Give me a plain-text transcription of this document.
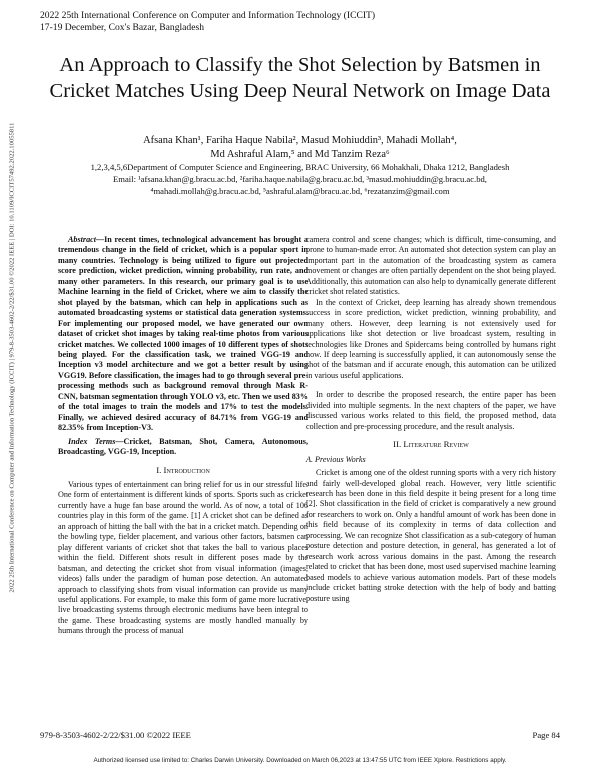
2022 25th International Conference on Computer and Information Technology (ICCIT)
17-19 December, Cox's Bazar, Bangladesh
An Approach to Classify the Shot Selection by Batsmen in Cricket Matches Using Deep Neural Network on Image Data
Afsana Khan¹, Fariha Haque Nabila², Masud Mohiuddin³, Mahadi Mollah⁴,
Md Ashraful Alam,⁵ and Md Tanzim Reza⁶
1,2,3,4,5,6Department of Computer Science and Engineering, BRAC University, 66 Mohakhali, Dhaka 1212, Bangladesh
Email: ¹afsana.khan@g.bracu.ac.bd, ²fariha.haque.nabila@g.bracu.ac.bd, ³masud.mohiuddin@g.bracu.ac.bd,
⁴mahadi.mollah@g.bracu.ac.bd, ⁵ashraful.alam@bracu.ac.bd, ⁶rezatanzim@gmail.com
2022 25th International Conference on Computer and Information Technology (ICCIT) | 979-8-3503-4602-2/22/$31.00 ©2022 IEEE | DOI: 10.1109/ICCIT57492.2022.10055811	Abstract—In recent times, technological advancement has brought a tremendous change in the field of cricket, which is a popular sport in many countries. Technology is being utilized to figure out projected score prediction, wicket prediction, winning probability, run rate, and many other parameters. In this research, our primary goal is to use Machine learning in the field of Cricket, where we aim to classify the shot played by the batsman, which can help in applications such as automated broadcasting systems or statistical data generation systems. For implementing our proposed model, we have generated our own dataset of cricket shot images by taking real-time photos from various cricket matches. We collected 1000 images of 10 different types of shots being played. For the classification task, we trained VGG-19 and Inception v3 model architecture and we got a better result by using VGG19. Before classification, the images had to go through several pre-processing methods such as background removal through Mask R-CNN, batsman segmentation through YOLO v3, etc. Then we used 83% of the total images to train the models and 17% to test the models. Finally, we achieved desired accuracy of 84.71% from VGG-19 and 82.35% from Inception-V3.

Index Terms—Cricket, Batsman, Shot, Camera, Autonomous, Broadcasting, VGG-19, Inception.

I. Introduction

Various types of entertainment can bring relief for us in our stressful life. One form of entertainment is different kinds of sports. Sports such as cricket currently have a huge fan base around the world. As of now, a total of 106 countries play in this form of the game. [1] A cricket shot can be defined as an approach of hitting the ball with the bat in a cricket match. Depending on the bowling type, fielder placement, and various other factors, batsmen can play different variants of cricket shot that takes the ball to various places within the field. Different shots result in different poses made by the batsman, and detecting the cricket shot from visual information (images, videos) falls under the paradigm of human pose detection. An automated approach to classifying shots from visual information can provide us many useful applications. For example, to make this form of game more lucrative, live broadcasting systems through electronic mediums have been integral to the game. These broadcasting systems are mostly handled manually by humans through the process of manual

camera control and scene changes; which is difficult, time-consuming, and prone to human-made error. An automated shot detection system can play an important part in the automation of the broadcasting system as camera movement or changes are often partially dependent on the shot being played. Additionally, this automation can also help to dynamically generate different cricket shot related statistics.

In the context of Cricket, deep learning has already shown tremendous success in score prediction, wicket prediction, winning probability, and many others. However, deep learning is not extensively used for applications like shot detection or live broadcast system, resulting in technologies like Drones and Spidercams being controlled by humans right now. If deep learning is successfully applied, it can autonomously sense the shot of the batsman and if accurate enough, this automation can be utilized in various useful applications.

In order to describe the proposed research, the entire paper has been divided into multiple segments. In the next chapters of the paper, we have discussed various works related to this field, the proposed method, data collection and pre-processing procedure, and the result analysis.

II. Literature Review

A. Previous Works

Cricket is among one of the oldest running sports with a very rich history and fairly well-developed global reach. However, very little scientific research has been done in this field despite it being present for a long time [2]. Shot classification in the field of cricket is comparatively a new ground for researchers to work on. Only a handful amount of work has been done in this field because of its complexity in terms of data collection and processing. We can recognize Shot classification as a sub-category of human posture detection and posture detection, in general, has generated a lot of research work across various domains in the past. Among the research related to cricket that has been done, most used supervised machine learning based models to achieve various automation models. Part of these models include cricket batting stroke detection with the help of body and batting posture using

979-8-3503-4602-2/22/$31.00 ©2022 IEEE	Page 84
Authorized licensed use limited to: Charles Darwin University. Downloaded on March 06,2023 at 13:47:55 UTC from IEEE Xplore. Restrictions apply.
